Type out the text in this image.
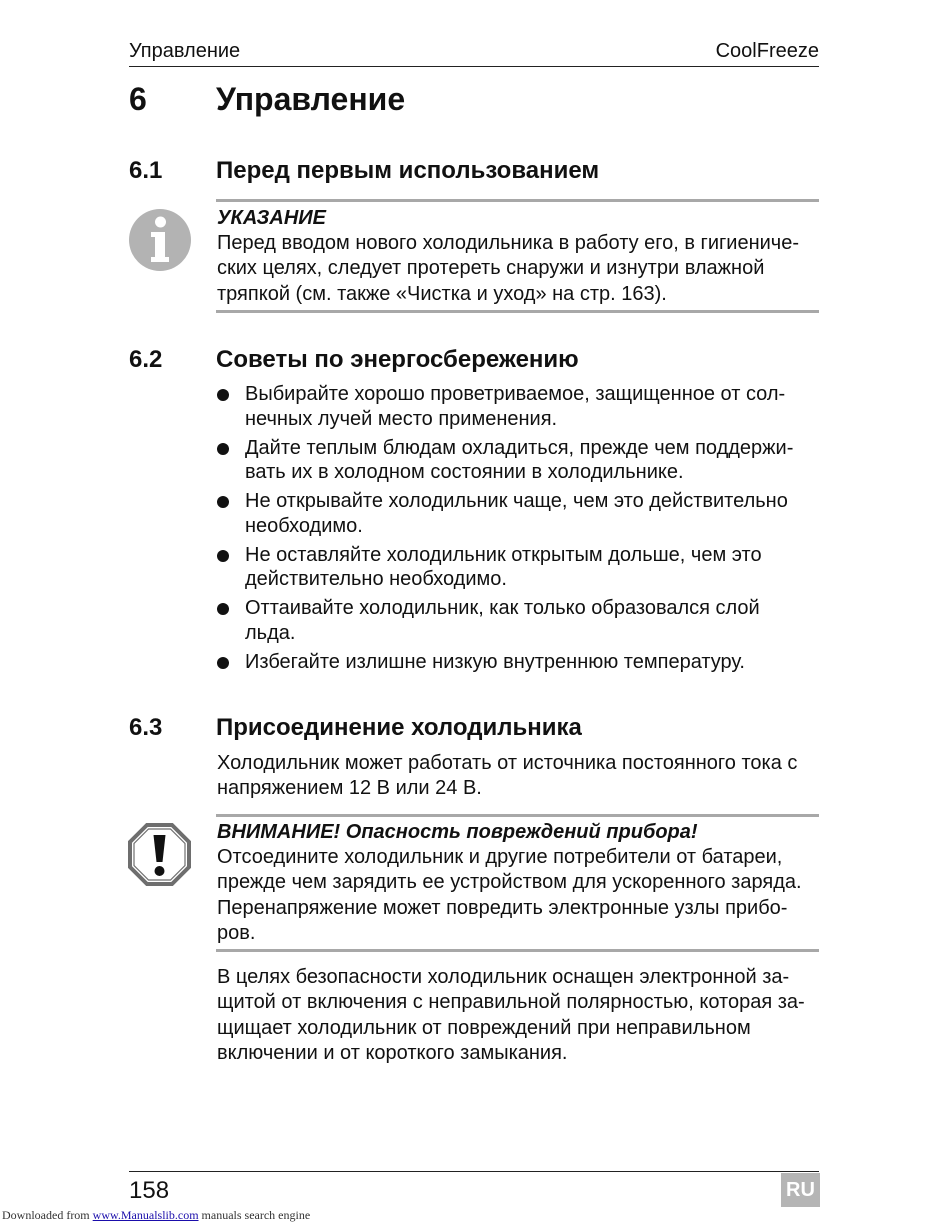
Управление	CoolFreeze
6 Управление
6.1 Перед первым использованием
УКАЗАНИЕ
Перед вводом нового холодильника в работу его, в гигиениче-
ских целях, следует протереть снаружи и изнутри влажной
тряпкой (см. также «Чистка и уход» на стр. 163).
6.2 Советы по энергосбережению
Выбирайте хорошо проветриваемое, защищенное от сол-
нечных лучей место применения.
Дайте теплым блюдам охладиться, прежде чем поддержи-
вать их в холодном состоянии в холодильнике.
Не открывайте холодильник чаще, чем это действительно
необходимо.
Не оставляйте холодильник открытым дольше, чем это
действительно необходимо.
Оттаивайте холодильник, как только образовался слой
льда.
Избегайте излишне низкую внутреннюю температуру.
6.3 Присоединение холодильника
Холодильник может работать от источника постоянного тока с
напряжением 12 В или 24 В.
ВНИМАНИЕ! Опасность повреждений прибора!
Отсоедините холодильник и другие потребители от батареи,
прежде чем зарядить ее устройством для ускоренного заряда.
Перенапряжение может повредить электронные узлы прибо-
ров.
В целях безопасности холодильник оснащен электронной за-
щитой от включения с неправильной полярностью, которая за-
щищает холодильник от повреждений при неправильном
включении и от короткого замыкания.
158	RU
Downloaded from www.Manualslib.com manuals search engine
